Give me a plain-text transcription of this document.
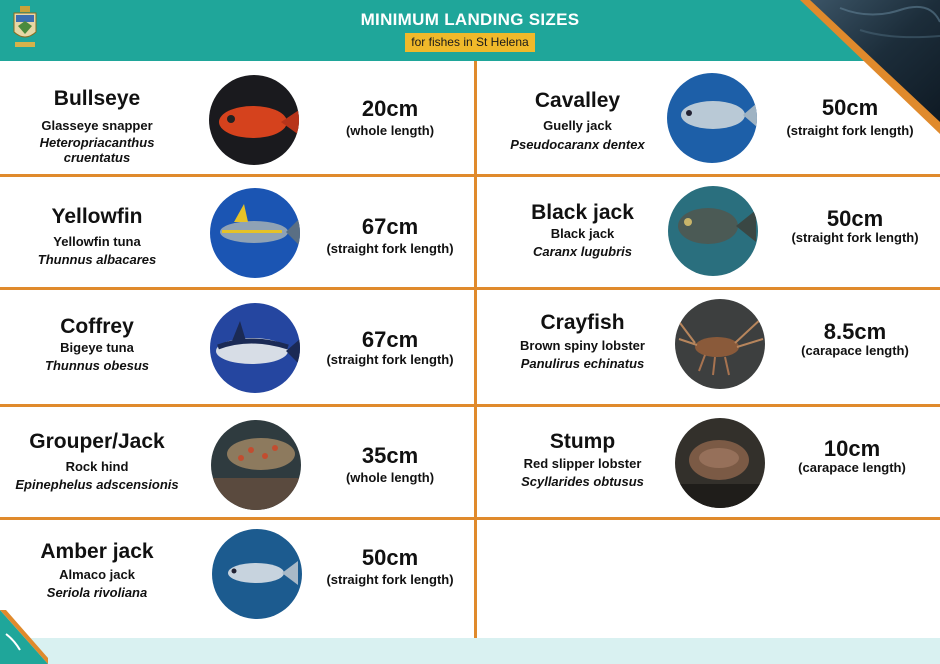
MINIMUM LANDING SIZES
for fishes in St Helena
Bullseye
Glasseye snapper
Heteropriacanthus cruentatus
20cm
(whole length)
Cavalley
Guelly jack
Pseudocaranx dentex
50cm
(straight fork length)
Yellowfin
Yellowfin tuna
Thunnus albacares
67cm
(straight fork length)
Black jack
Black jack
Caranx lugubris
50cm
(straight fork length)
Coffrey
Bigeye tuna
Thunnus obesus
67cm
(straight fork length)
Crayfish
Brown spiny lobster
Panulirus echinatus
8.5cm
(carapace length)
Grouper/Jack
Rock hind
Epinephelus adscensionis
35cm
(whole length)
Stump
Red slipper lobster
Scyllarides obtusus
10cm
(carapace length)
Amber jack
Almaco jack
Seriola rivoliana
50cm
(straight fork length)
